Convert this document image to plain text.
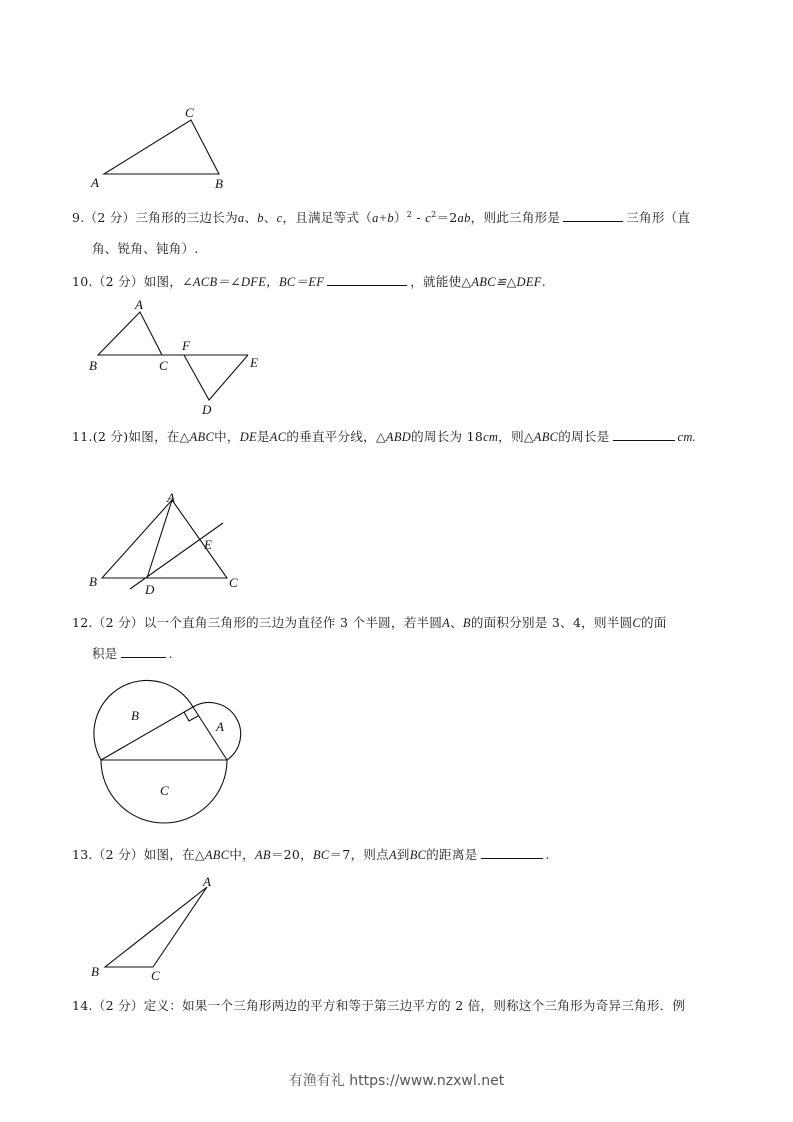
C
A	B
9.（2 分）三角形的三边长为a、b、c，且满足等式$(a+b)^2 - c^2=2ab$，则此三角形是	三角形（直
角、锐角、钝角）.
10.（2 分）如图，∠ACB＝∠DFE，BC＝EF	，就能使△ABC≌△DEF.
A
B	C
F
E
D
11.(2 分)如图，在△ABC中，DE是AC的垂直平分线，△ABD的周长为 18cm，则△ABC的周长是	cm.
A
B	C
D
E
12.（2 分）以一个直角三角形的三边为直径作 3 个半圆，若半圆A、B的面积分别是 3、4，则半圆C的面
积是	.
B
A
C
13.（2 分）如图，在△ABC中，AB＝20，BC＝7，则点A到BC的距离是	.
A
B	C
14.（2 分）定义：如果一个三角形两边的平方和等于第三边平方的 2 倍，则称这个三角形为奇异三角形．例
有渔有礼 https://www.nzxwl.net
